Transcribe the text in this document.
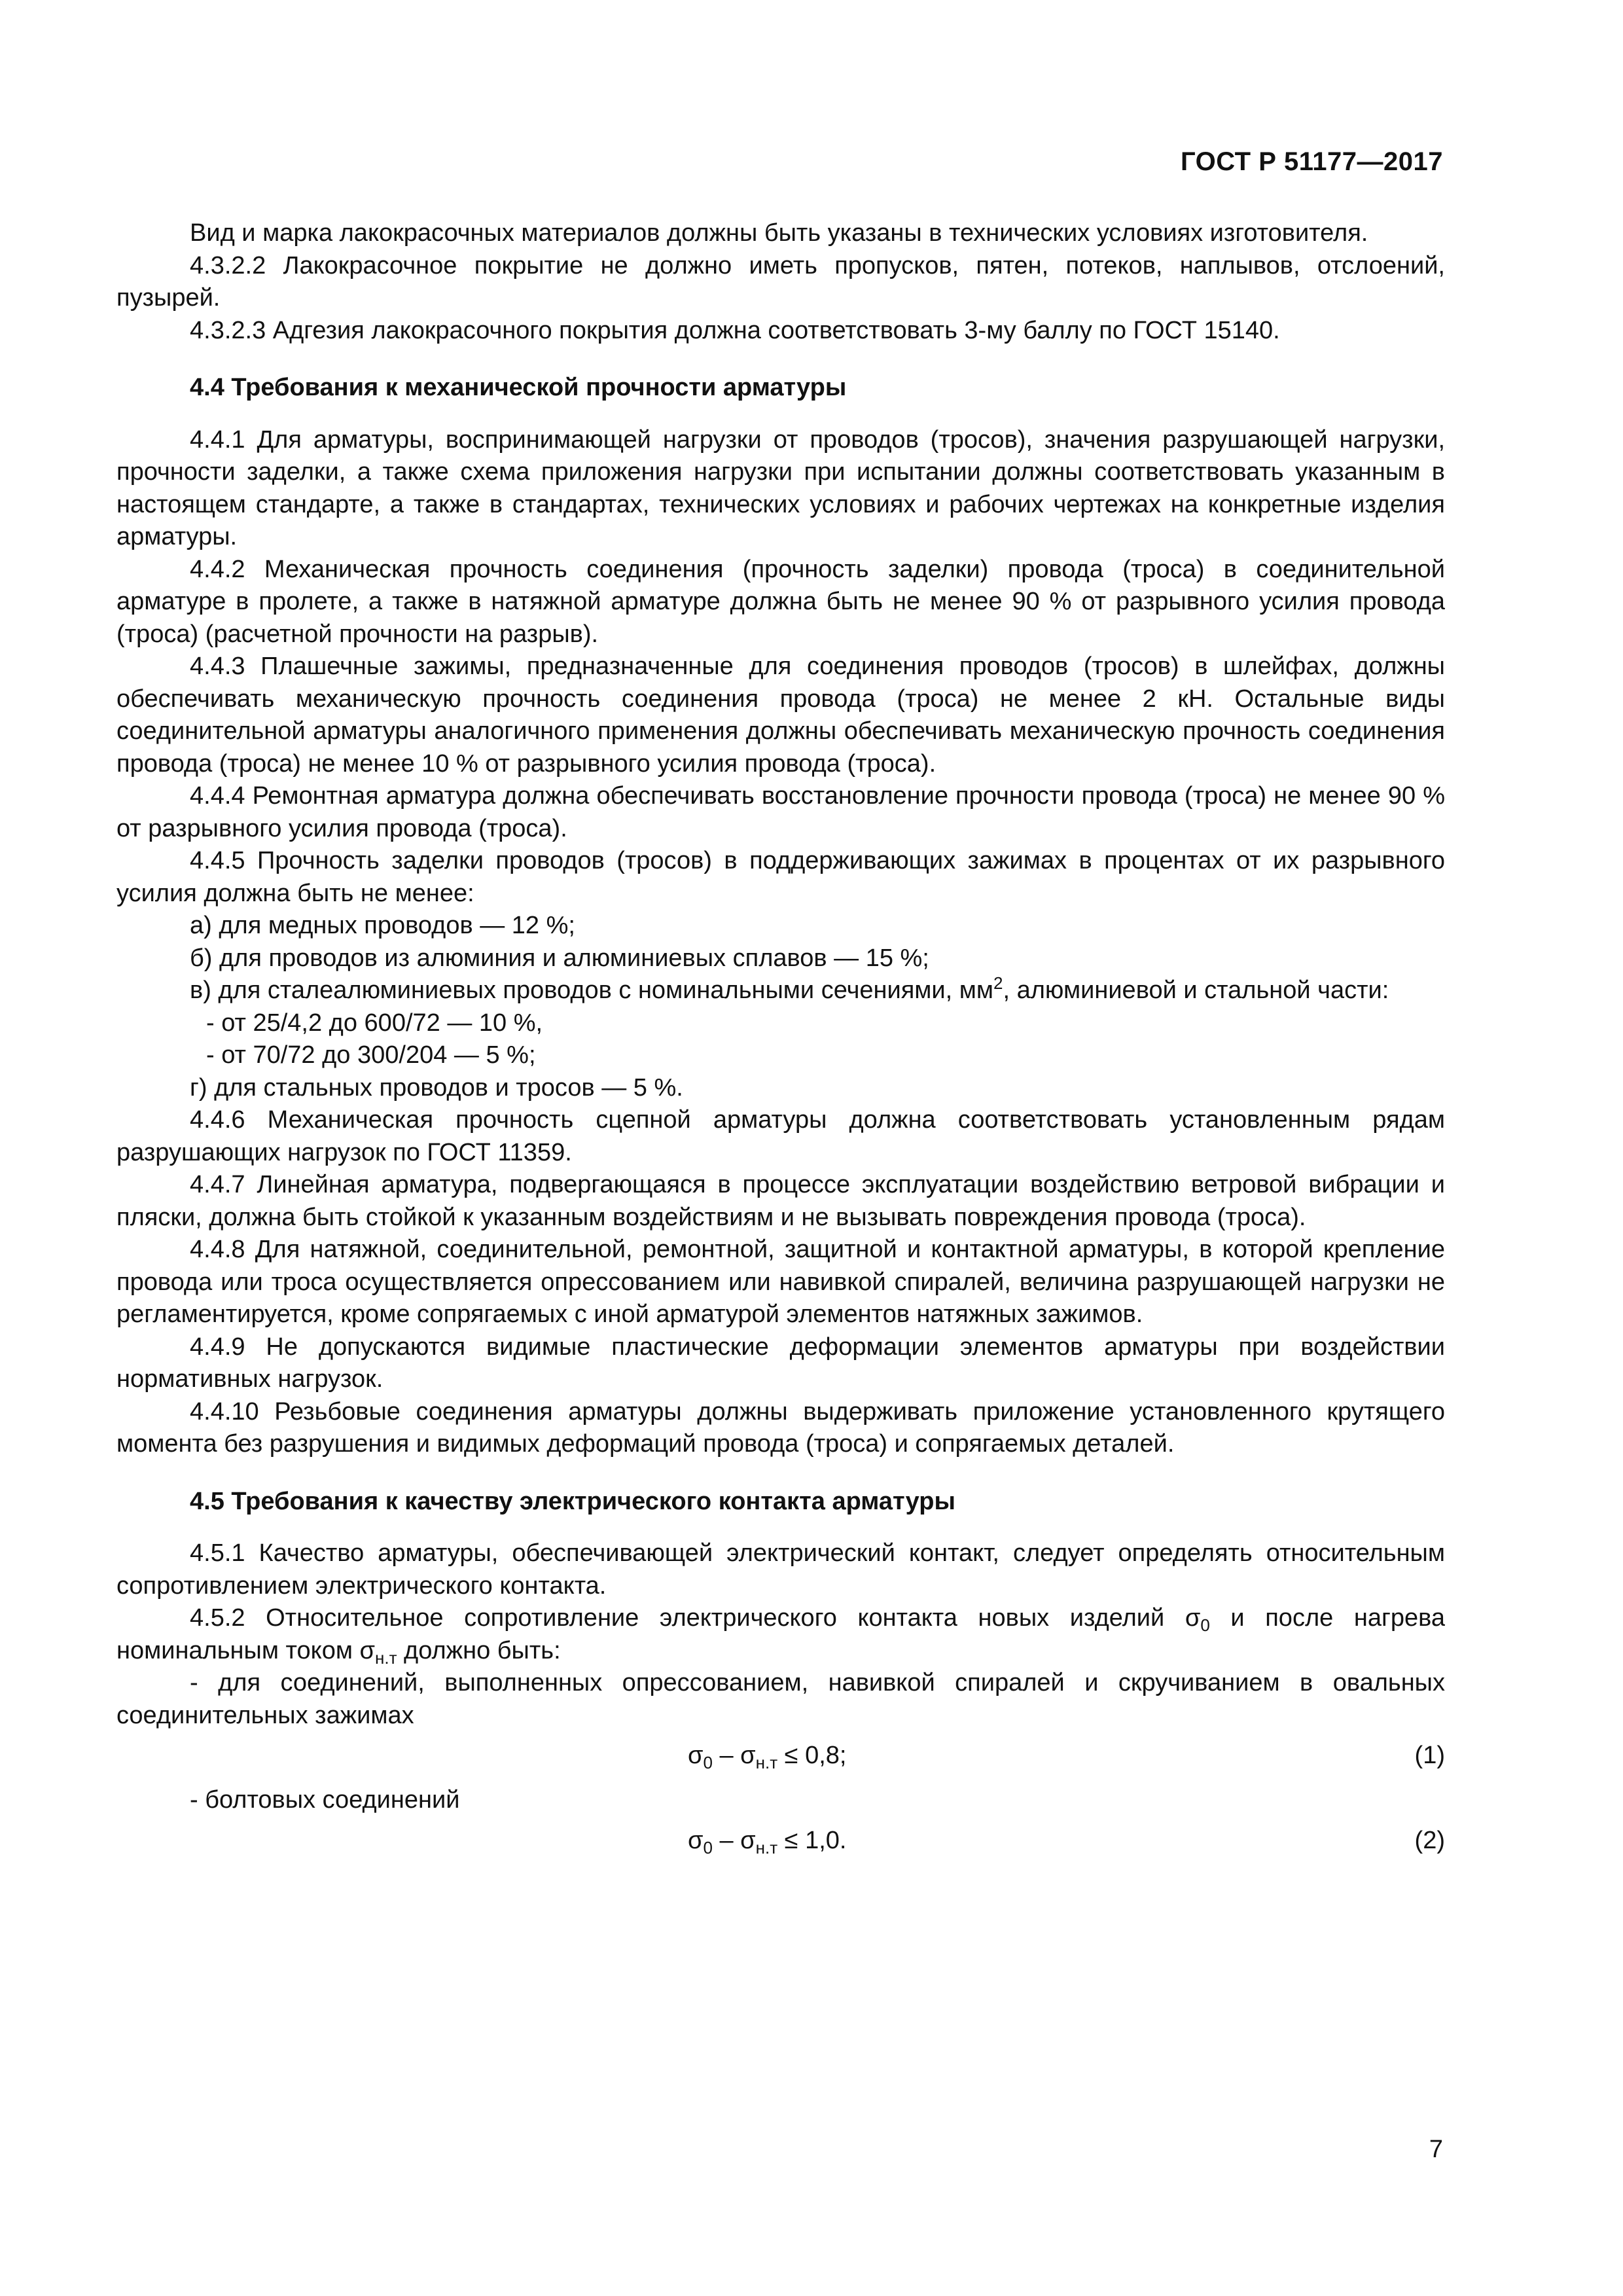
ГОСТ Р 51177—2017

Вид и марка лакокрасочных материалов должны быть указаны в технических условиях изготовителя.

4.3.2.2 Лакокрасочное покрытие не должно иметь пропусков, пятен, потеков, наплывов, отслоений, пузырей.

4.3.2.3 Адгезия лакокрасочного покрытия должна соответствовать 3-му баллу по ГОСТ 15140.

4.4 Требования к механической прочности арматуры

4.4.1 Для арматуры, воспринимающей нагрузки от проводов (тросов), значения разрушающей нагрузки, прочности заделки, а также схема приложения нагрузки при испытании должны соответствовать указанным в настоящем стандарте, а также в стандартах, технических условиях и рабочих чертежах на конкретные изделия арматуры.

4.4.2 Механическая прочность соединения (прочность заделки) провода (троса) в соединительной арматуре в пролете, а также в натяжной арматуре должна быть не менее 90 % от разрывного усилия провода (троса) (расчетной прочности на разрыв).

4.4.3 Плашечные зажимы, предназначенные для соединения проводов (тросов) в шлейфах, должны обеспечивать механическую прочность соединения провода (троса) не менее 2 кН. Остальные виды соединительной арматуры аналогичного применения должны обеспечивать механическую прочность соединения провода (троса) не менее 10 % от разрывного усилия провода (троса).

4.4.4 Ремонтная арматура должна обеспечивать восстановление прочности провода (троса) не менее 90 % от разрывного усилия провода (троса).

4.4.5 Прочность заделки проводов (тросов) в поддерживающих зажимах в процентах от их разрывного усилия должна быть не менее:

а) для медных проводов — 12 %;

б) для проводов из алюминия и алюминиевых сплавов — 15 %;

в) для сталеалюминиевых проводов с номинальными сечениями, $мм^2$, алюминиевой и стальной части:

- от 25/4,2 до 600/72 — 10 %,

- от 70/72 до 300/204 — 5 %;

г) для стальных проводов и тросов — 5 %.

4.4.6 Механическая прочность сцепной арматуры должна соответствовать установленным рядам разрушающих нагрузок по ГОСТ 11359.

4.4.7 Линейная арматура, подвергающаяся в процессе эксплуатации воздействию ветровой вибрации и пляски, должна быть стойкой к указанным воздействиям и не вызывать повреждения провода (троса).

4.4.8 Для натяжной, соединительной, ремонтной, защитной и контактной арматуры, в которой крепление провода или троса осуществляется опрессованием или навивкой спиралей, величина разрушающей нагрузки не регламентируется, кроме сопрягаемых с иной арматурой элементов натяжных зажимов.

4.4.9 Не допускаются видимые пластические деформации элементов арматуры при воздействии нормативных нагрузок.

4.4.10 Резьбовые соединения арматуры должны выдерживать приложение установленного крутящего момента без разрушения и видимых деформаций провода (троса) и сопрягаемых деталей.

4.5 Требования к качеству электрического контакта арматуры

4.5.1 Качество арматуры, обеспечивающей электрический контакт, следует определять относительным сопротивлением электрического контакта.

4.5.2 Относительное сопротивление электрического контакта новых изделий $\sigma_0$ и после нагрева номинальным током $\sigma_{н.т}$ должно быть:

- для соединений, выполненных опрессованием, навивкой спиралей и скручиванием в овальных соединительных зажимах

$\sigma_0 - \sigma_{н.т} \le 0,8$;	(1)

- болтовых соединений

$\sigma_0 - \sigma_{н.т} \le 1,0$.	(2)
7
